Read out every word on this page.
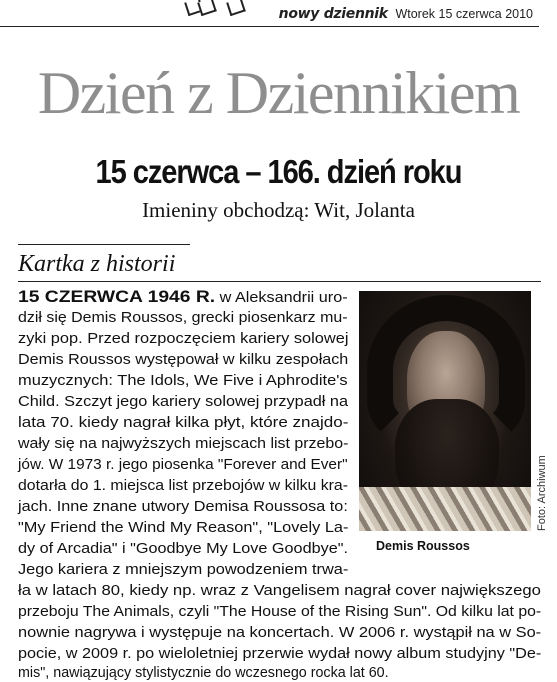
nowy dziennik Wtorek 15 czerwca 2010
Dzień z Dziennikiem
15 czerwca – 166. dzień roku
Imieniny obchodzą: Wit, Jolanta
Kartka z historii
Foto: Archiwum
Demis Roussos
15 CZERWCA 1946 R. w Aleksandrii uro-
dził się Demis Roussos, grecki piosenkarz mu-
zyki pop. Przed rozpoczęciem kariery solowej
Demis Roussos występował w kilku zespołach
muzycznych: The Idols, We Five i Aphrodite's
Child. Szczyt jego kariery solowej przypadł na
lata 70. kiedy nagrał kilka płyt, które znajdo-
wały się na najwyższych miejscach list przebo-
jów. W 1973 r. jego piosenka "Forever and Ever"
dotarła do 1. miejsca list przebojów w kilku kra-
jach. Inne znane utwory Demisa Roussosa to:
"My Friend the Wind My Reason", "Lovely La-
dy of Arcadia" i "Goodbye My Love Goodbye".
Jego kariera z mniejszym powodzeniem trwa-
ła w latach 80, kiedy np. wraz z Vangelisem nagrał cover największego
przeboju The Animals, czyli "The House of the Rising Sun". Od kilku lat po-
nownie nagrywa i występuje na koncertach. W 2006 r. wystąpił na w So-
pocie, w 2009 r. po wieloletniej przerwie wydał nowy album studyjny "De-
mis", nawiązujący stylistycznie do wczesnego rocka lat 60.
